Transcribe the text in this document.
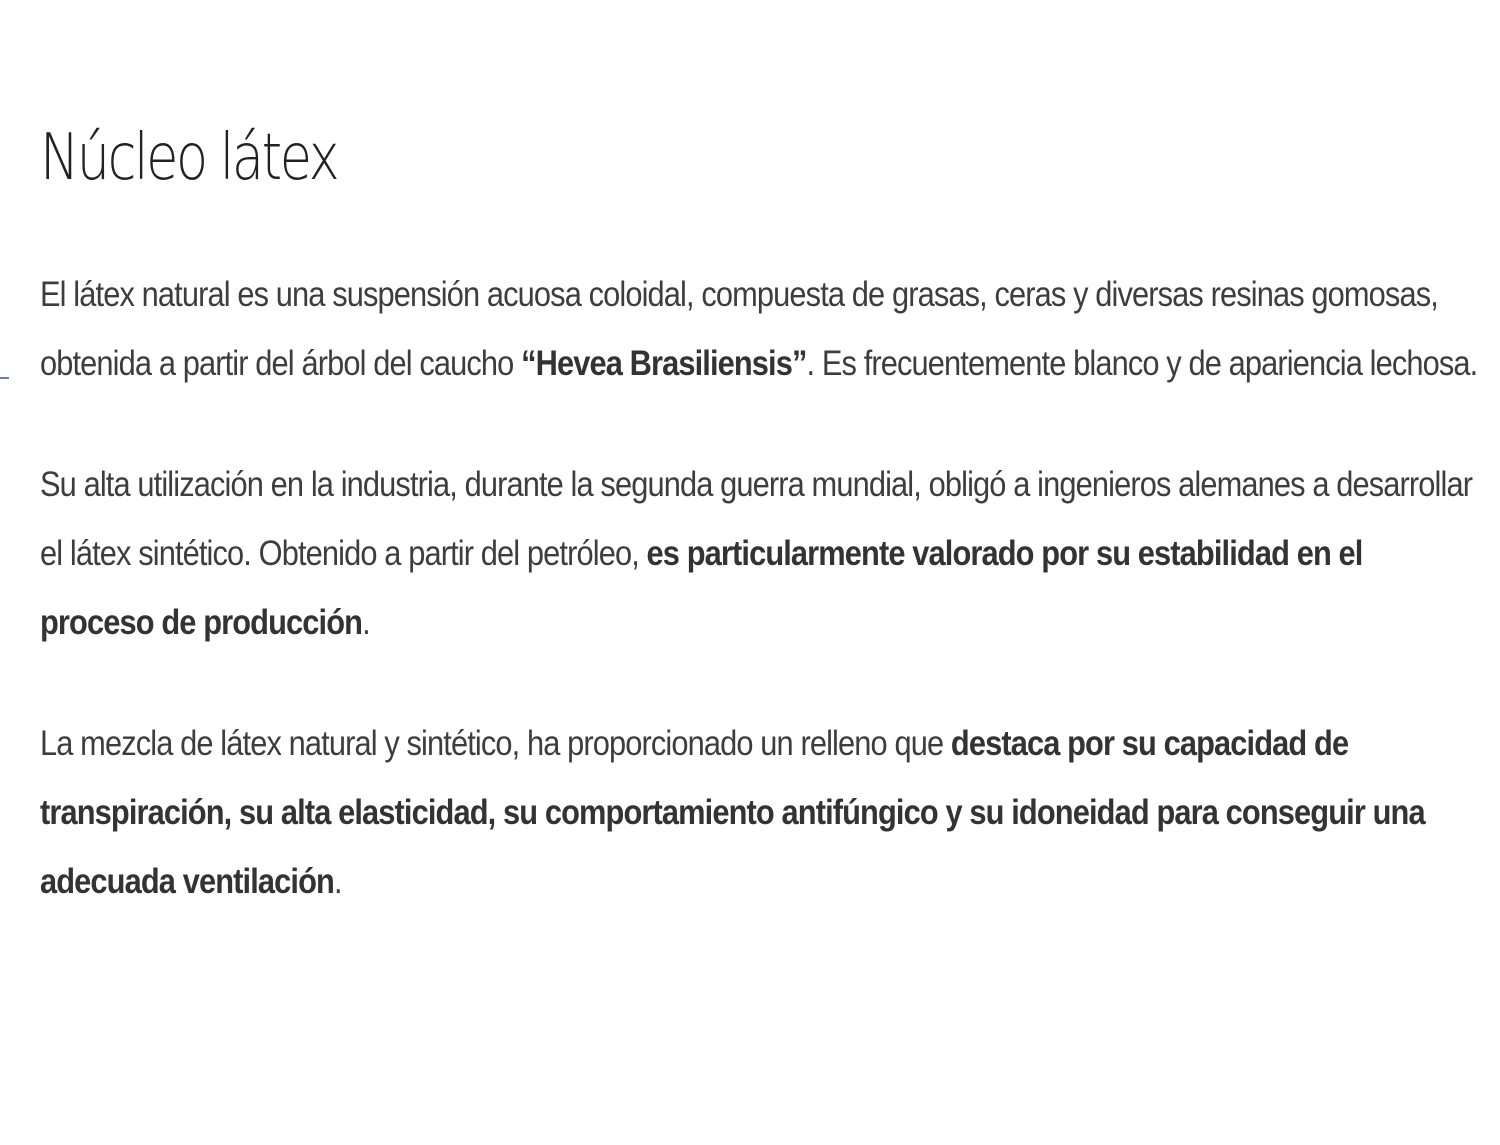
Núcleo látex

El látex natural es una suspensión acuosa coloidal, compuesta de grasas, ceras y diversas resinas gomosas, obtenida a partir del árbol del caucho “Hevea Brasiliensis”. Es frecuentemente blanco y de apariencia lechosa.

Su alta utilización en la industria, durante la segunda guerra mundial, obligó a ingenieros alemanes a desarrollar el látex sintético. Obtenido a partir del petróleo, es particularmente valorado por su estabilidad en el proceso de producción.

La mezcla de látex natural y sintético, ha proporcionado un relleno que destaca por su capacidad de transpiración, su alta elasticidad, su comportamiento antifúngico y su idoneidad para conseguir una adecuada ventilación.
